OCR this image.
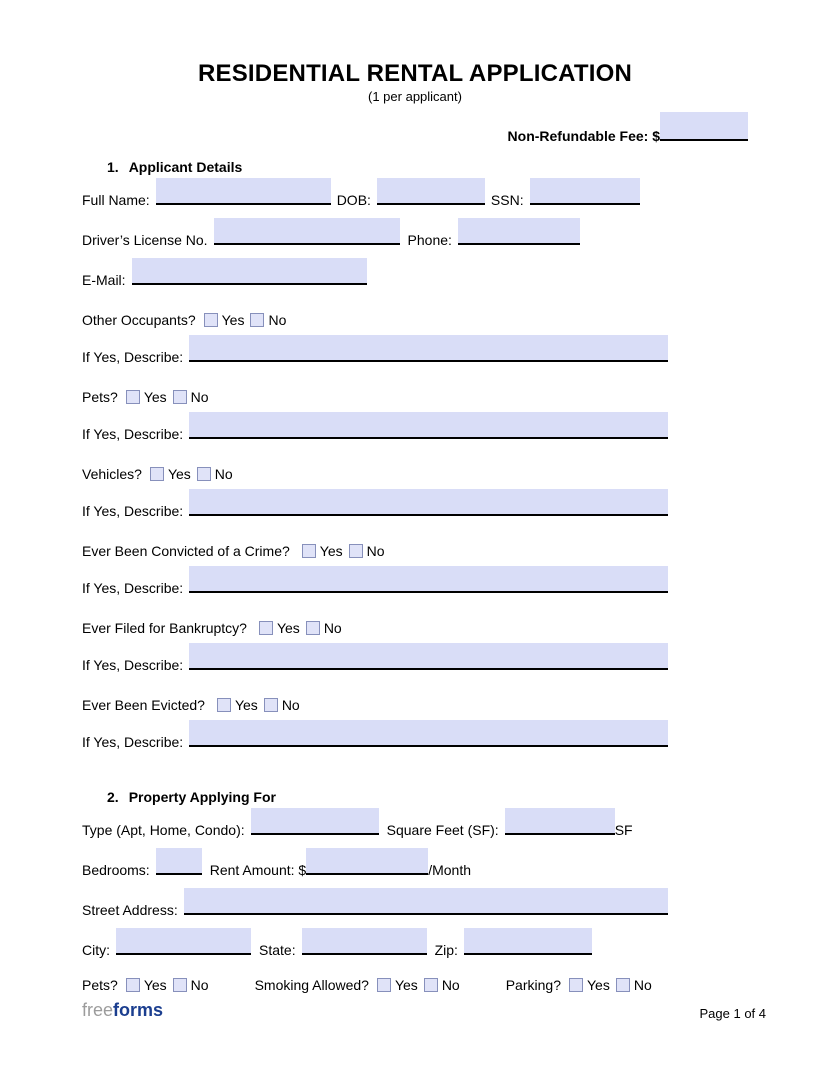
RESIDENTIAL RENTAL APPLICATION
(1 per applicant)
Non-Refundable Fee: $
1. Applicant Details
Full Name:	DOB:	SSN:
Driver’s License No.	Phone:
E-Mail:
Other Occupants? Yes No
If Yes, Describe:
Pets? Yes No
If Yes, Describe:
Vehicles? Yes No
If Yes, Describe:
Ever Been Convicted of a Crime? Yes No
If Yes, Describe:
Ever Filed for Bankruptcy? Yes No
If Yes, Describe:
Ever Been Evicted? Yes No
If Yes, Describe:
2. Property Applying For
Type (Apt, Home, Condo):	Square Feet (SF):	SF
Bedrooms:	Rent Amount: $	/Month
Street Address:
City:	State:	Zip:
Pets? Yes No	Smoking Allowed? Yes No	Parking? Yes No
freeforms	Page 1 of 4
